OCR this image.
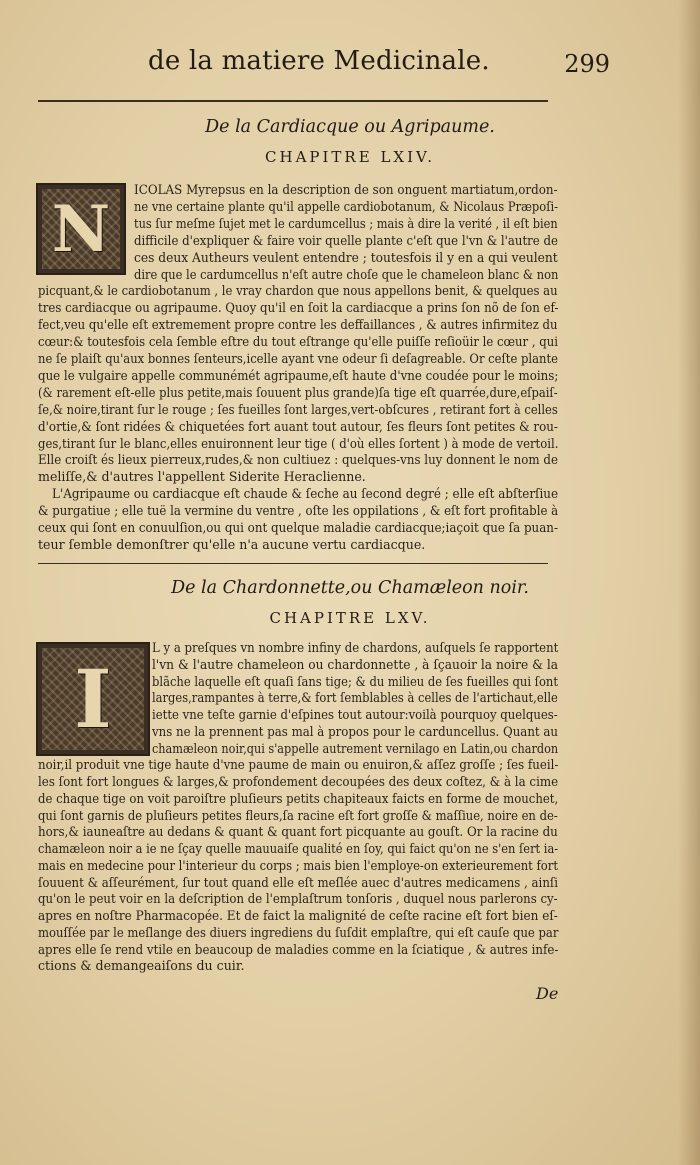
de la matiere Medicinale.	299
De la Cardiacque ou Agripaume.
CHAPITRE LXIV.
N
ICOLAS Myrepsus en la description de son onguent martiatum,ordon-
ne vne certaine plante qu'il appelle cardiobotanum, & Nicolaus Præpoſi-
tus ſur meſme ſujet met le cardumcellus ; mais à dire la verité , il eſt bien
difficile d'expliquer & faire voir quelle plante c'eſt que l'vn & l'autre de
ces deux Autheurs veulent entendre ; toutesfois il y en a qui veulent
dire que le cardumcellus n'eſt autre choſe que le chameleon blanc & non
picquant,& le cardiobotanum , le vray chardon que nous appellons benit, & quelques au
tres cardiacque ou agripaume. Quoy qu'il en ſoit la cardiacque a prins ſon nõ de ſon ef-
fect,veu qu'elle eſt extremement propre contre les deffaillances , & autres infirmitez du
cœur:& toutesfois cela ſemble eſtre du tout eſtrange qu'elle puiſſe reſioüir le cœur , qui
ne ſe plaiſt qu'aux bonnes ſenteurs,icelle ayant vne odeur ſi deſagreable. Or ceſte plante
que le vulgaire appelle communémét agripaume,eſt haute d'vne coudée pour le moins;
(& rarement eſt-elle plus petite,mais ſouuent plus grande)ſa tige eſt quarrée,dure,eſpaiſ-
ſe,& noire,tirant ſur le rouge ; ſes fueilles ſont larges,vert-obſcures , retirant fort à celles
d'ortie,& ſont ridées & chiquetées fort auant tout autour, ſes fleurs ſont petites & rou-
ges,tirant ſur le blanc,elles enuironnent leur tige ( d'où elles ſortent ) à mode de vertoil.
Elle croiſt és lieux pierreux,rudes,& non cultiuez : quelques-vns luy donnent le nom de
meliſſe,& d'autres l'appellent Siderite Heraclienne.
L'Agripaume ou cardiacque eſt chaude & ſeche au ſecond degré ; elle eſt abſterſiue
& purgatiue ; elle tuë la vermine du ventre , oſte les oppilations , & eſt fort profitable à
ceux qui ſont en conuulſion,ou qui ont quelque maladie cardiacque;iaçoit que ſa puan-
teur ſemble demonſtrer qu'elle n'a aucune vertu cardiacque.
De la Chardonnette,ou Chamæleon noir.
CHAPITRE LXV.
I
L y a preſques vn nombre infiny de chardons, auſquels ſe rapportent
l'vn & l'autre chameleon ou chardonnette , à ſçauoir la noire & la
blãche laquelle eſt quaſi ſans tige; & du milieu de ſes fueilles qui ſont
larges,rampantes à terre,& fort ſemblables à celles de l'artichaut,elle
iette vne teſte garnie d'eſpines tout autour:voilà pourquoy quelques-
vns ne la prennent pas mal à propos pour le carduncellus. Quant au
chamæleon noir,qui s'appelle autrement vernilago en Latin,ou chardon
noir,il produit vne tige haute d'vne paume de main ou enuiron,& aſſez groſſe ; ſes fueil-
les ſont fort longues & larges,& profondement decoupées des deux coſtez, & à la cime
de chaque tige on voit paroiſtre pluſieurs petits chapiteaux faicts en forme de mouchet,
qui ſont garnis de pluſieurs petites fleurs,ſa racine eſt fort groſſe & maſſiue, noire en de-
hors,& iauneaſtre au dedans & quant & quant fort picquante au gouſt. Or la racine du
chamæleon noir a ie ne ſçay quelle mauuaiſe qualité en ſoy, qui faict qu'on ne s'en ſert ia-
mais en medecine pour l'interieur du corps ; mais bien l'employe-on exterieurement fort
ſouuent & aſſeurément, ſur tout quand elle eſt meſlée auec d'autres medicamens , ainſi
qu'on le peut voir en la deſcription de l'emplaſtrum tonſoris , duquel nous parlerons cy-
apres en noſtre Pharmacopée. Et de faict la malignité de ceſte racine eſt fort bien eſ-
mouſſée par le meſlange des diuers ingrediens du ſuſdit emplaſtre, qui eſt cauſe que par
apres elle ſe rend vtile en beaucoup de maladies comme en la ſciatique , & autres infe-
ctions & demangeaiſons du cuir.
De
